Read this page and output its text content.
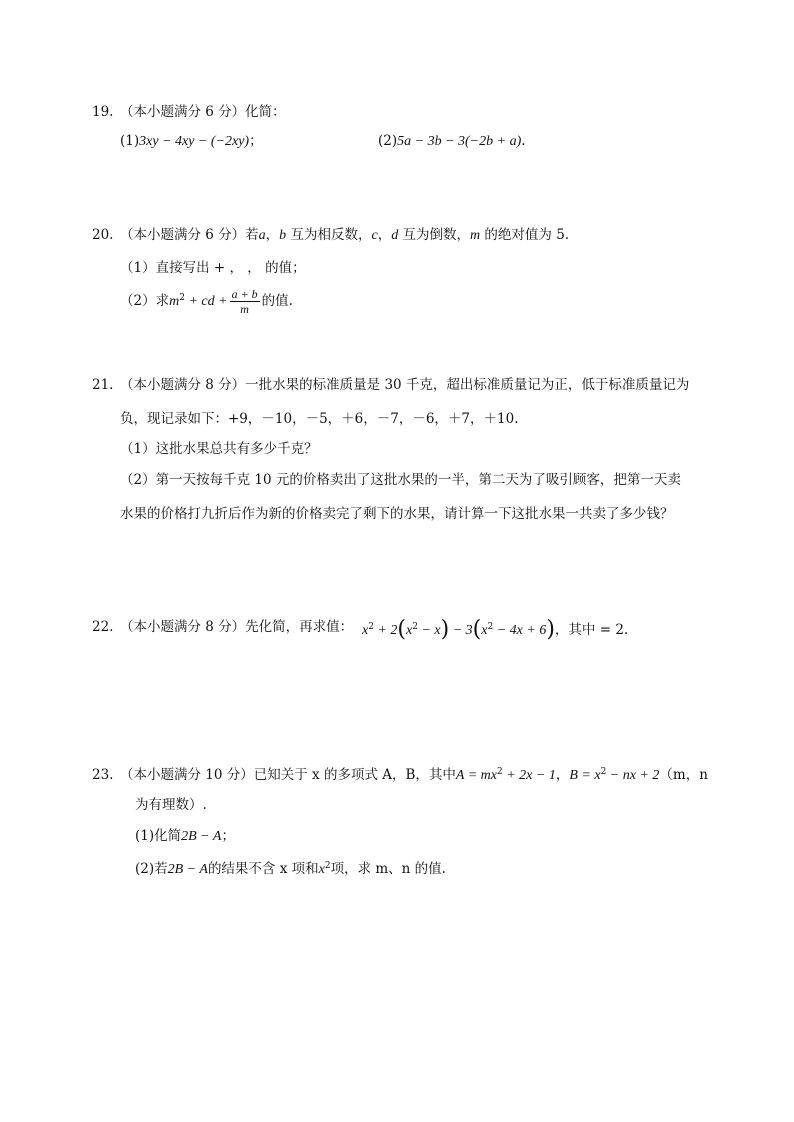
19. （本小题满分 6 分）化简：
(1)3xy − 4xy − (−2xy)；	(2)5a − 3b − 3(−2b + a).
20. （本小题满分 6 分）若a，b 互为相反数，c，d 互为倒数，m 的绝对值为 5.
（1）直接写出 + ， ， 的值；
（2）求$m^2$ + cd + $\frac{a + b}{m}$ 的值.
21. （本小题满分 8 分）一批水果的标准质量是 30 千克，超出标准质量记为正，低于标准质量记为
负，现记录如下：+9，－10，－5，＋6，－7，－6，＋7，＋10.
（1）这批水果总共有多少千克？
（2）第一天按每千克 10 元的价格卖出了这批水果的一半，第二天为了吸引顾客，把第一天卖
水果的价格打九折后作为新的价格卖完了剩下的水果，请计算一下这批水果一共卖了多少钱？
22. （本小题满分 8 分）先化简，再求值： $x^2 + 2(x^2 - x) - 3(x^2 - 4x + 6)$，其中 = 2.
23. （本小题满分 10 分）已知关于 x 的多项式 A，B，其中$A = mx^2 + 2x - 1$，$B = x^2$ − nx + 2（m，n
为有理数）.
(1)化简2B − A；
(2)若2B − A的结果不含 x 项和$x^2$项，求 m、n 的值.
